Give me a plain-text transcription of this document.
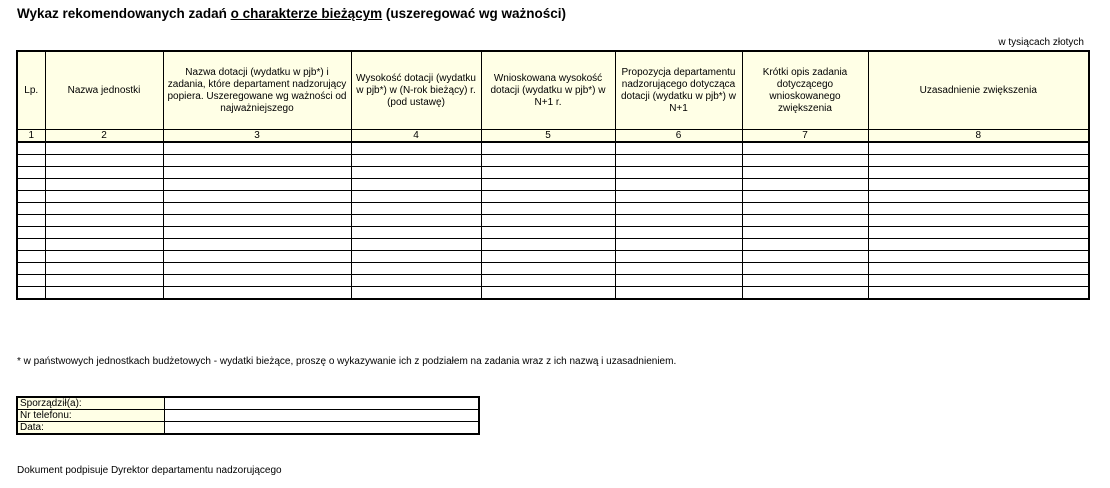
Wykaz rekomendowanych zadań o charakterze bieżącym (uszeregować wg ważności)
w tysiącach złotych
Lp.	Nazwa jednostki	Nazwa dotacji (wydatku w pjb*) i zadania, które departament nadzorujący popiera. Uszeregowane wg ważności od najważniejszego	Wysokość dotacji (wydatku w pjb*) w (N-rok bieżący) r. (pod ustawę)	Wnioskowana wysokość dotacji (wydatku w pjb*) w N+1 r.	Propozycja departamentu nadzorującego dotycząca dotacji (wydatku w pjb*) w N+1	Krótki opis zadania dotyczącego wnioskowanego zwiększenia	Uzasadnienie zwiększenia
1	2	3	4	5	6	7	8

* w państwowych jednostkach budżetowych - wydatki bieżące, proszę o wykazywanie ich z podziałem na zadania wraz z ich nazwą i uzasadnieniem.
Sporządził(a):	
Nr telefonu:	
Data:	
Dokument podpisuje Dyrektor departamentu nadzorującego
